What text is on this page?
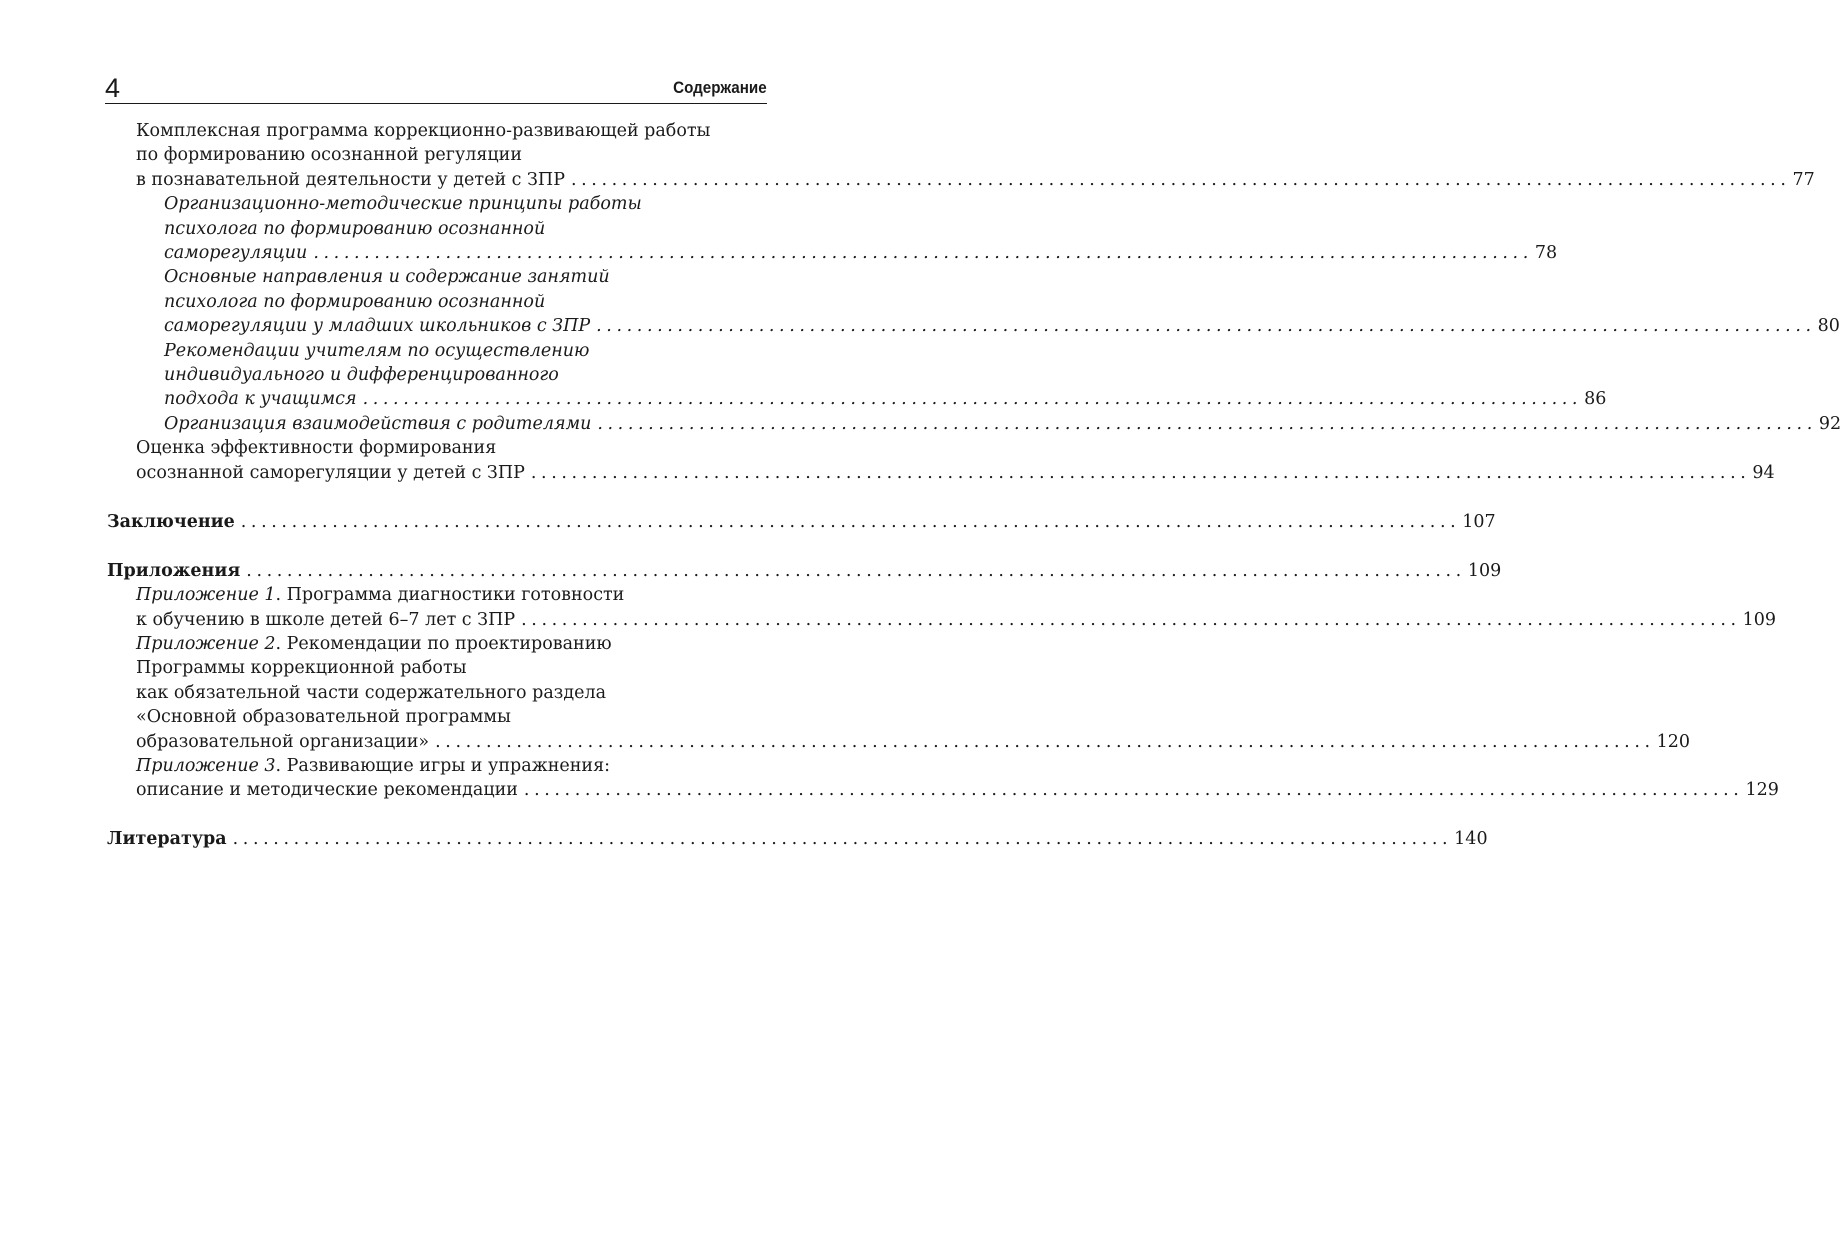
4	Содержание
Комплексная программа коррекционно-развивающей работы
по формированию осознанной регуляции
в познавательной деятельности у детей с ЗПР ........................................................................................................................ 77
Организационно-методические принципы работы
психолога по формированию осознанной
саморегуляции ........................................................................................................................ 78
Основные направления и содержание занятий
психолога по формированию осознанной
саморегуляции у младших школьников с ЗПР ........................................................................................................................ 80
Рекомендации учителям по осуществлению
индивидуального и дифференцированного
подхода к учащимся ........................................................................................................................ 86
Организация взаимодействия с родителями ........................................................................................................................ 92
Оценка эффективности формирования
осознанной саморегуляции у детей с ЗПР ........................................................................................................................ 94
Заключение ........................................................................................................................ 107
Приложения ........................................................................................................................ 109
Приложение 1 . Программа диагностики готовности
к обучению в школе детей 6–7 лет с ЗПР ........................................................................................................................ 109
Приложение 2 . Рекомендации по проектированию
Программы коррекционной работы
как обязательной части содержательного раздела
«Основной образовательной программы
образовательной организации» ........................................................................................................................ 120
Приложение 3 . Развивающие игры и упражнения:
описание и методические рекомендации ........................................................................................................................ 129
Литература ........................................................................................................................ 140
